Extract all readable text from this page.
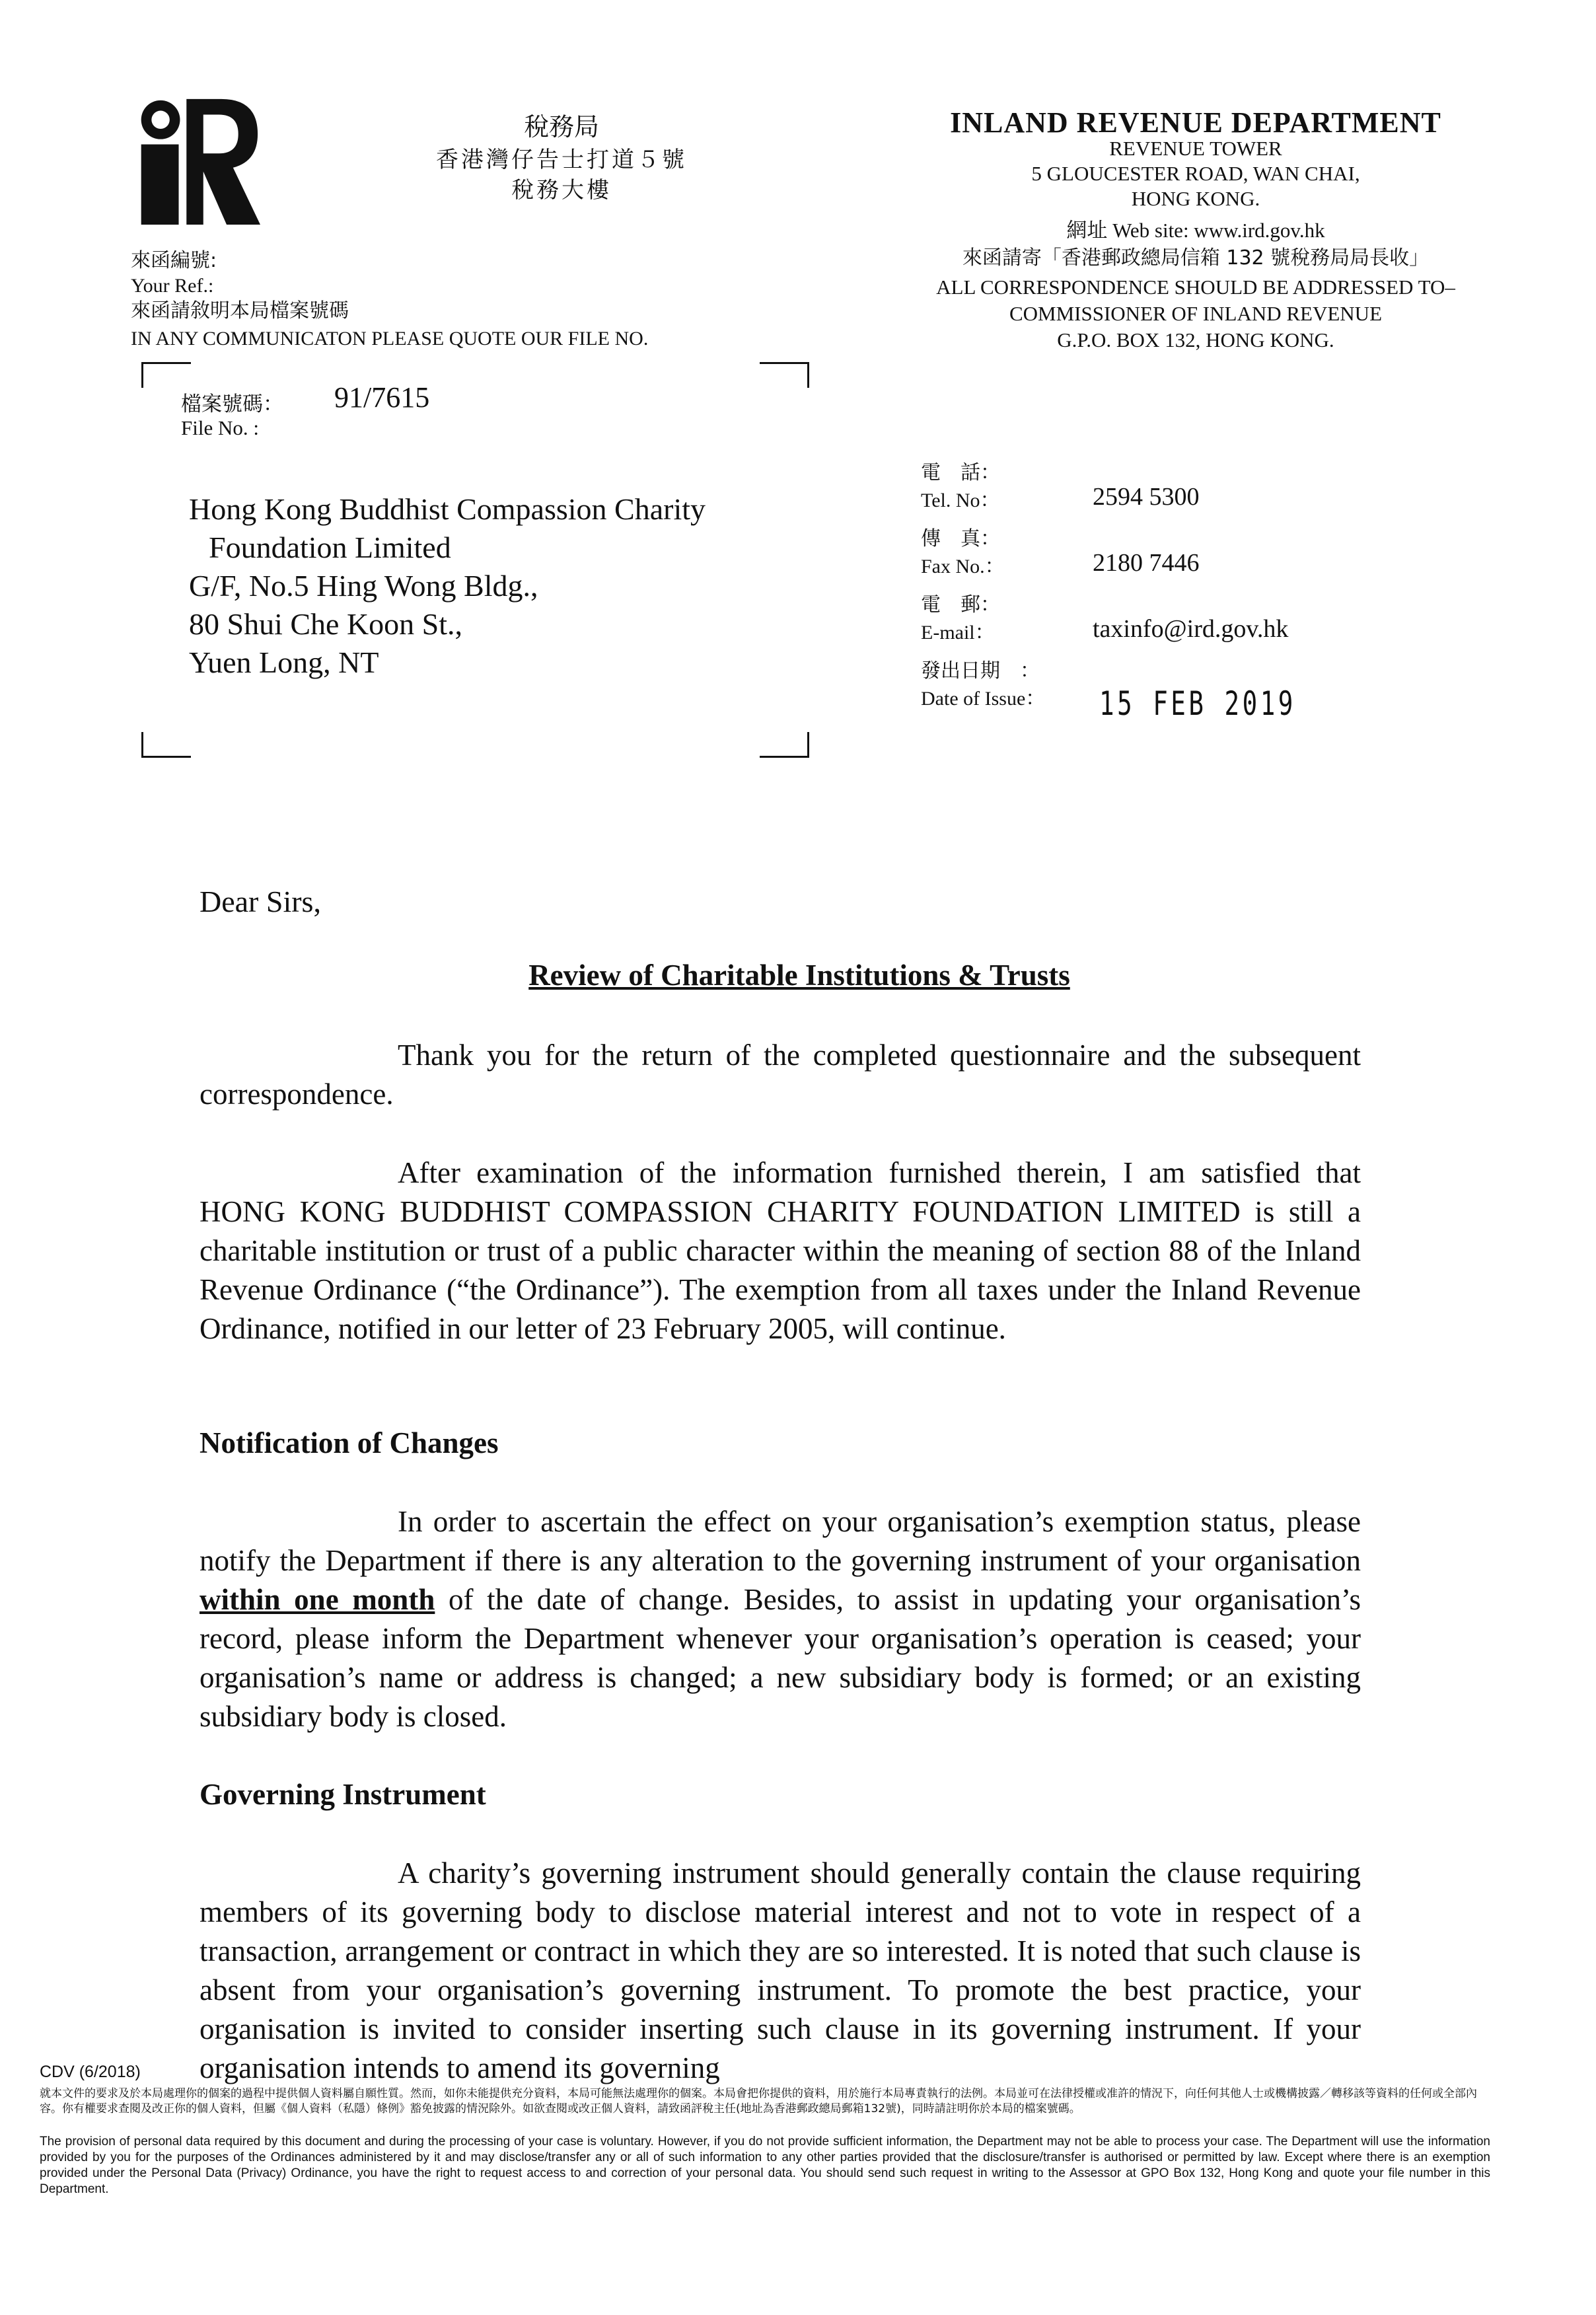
稅務局
香港灣仔告士打道５號
稅務大樓
INLAND REVENUE DEPARTMENT
REVENUE TOWER
5 GLOUCESTER ROAD, WAN CHAI,
HONG KONG.
網址 Web site: www.ird.gov.hk
來函請寄「香港郵政總局信箱 132 號稅務局局長收」
ALL CORRESPONDENCE SHOULD BE ADDRESSED TO–
COMMISSIONER OF INLAND REVENUE
G.P.O. BOX 132, HONG KONG.
來函編號:
Your Ref.:
來函請敘明本局檔案號碼
IN ANY COMMUNICATON PLEASE QUOTE OUR FILE NO.
檔案號碼： 91/7615
File No. :
Hong Kong Buddhist Compassion Charity
Foundation Limited
G/F, No.5 Hing Wong Bldg.,
80 Shui Che Koon St.,
Yuen Long, NT
電　話：
Tel. No：	2594 5300
傳　真：
Fax No.：	2180 7446
電　郵：
E-mail：	taxinfo@ird.gov.hk
發出日期　：
Date of Issue： 15 FEB 2019
Dear Sirs,
Review of Charitable Institutions & Trusts
Thank you for the return of the completed questionnaire and the subsequent correspondence.
After examination of the information furnished therein, I am satisfied that HONG KONG BUDDHIST COMPASSION CHARITY FOUNDATION LIMITED is still a charitable institution or trust of a public character within the meaning of section 88 of the Inland Revenue Ordinance (“the Ordinance”). The exemption from all taxes under the Inland Revenue Ordinance, notified in our letter of 23 February 2005, will continue.
Notification of Changes
In order to ascertain the effect on your organisation’s exemption status, please notify the Department if there is any alteration to the governing instrument of your organisation within one month of the date of change. Besides, to assist in updating your organisation’s record, please inform the Department whenever your organisation’s operation is ceased; your organisation’s name or address is changed; a new subsidiary body is formed; or an existing subsidiary body is closed.
Governing Instrument
A charity’s governing instrument should generally contain the clause requiring members of its governing body to disclose material interest and not to vote in respect of a transaction, arrangement or contract in which they are so interested. It is noted that such clause is absent from your organisation’s governing instrument. To promote the best practice, your organisation is invited to consider inserting such clause in its governing instrument. If your organisation intends to amend its governing
CDV (6/2018)
就本文件的要求及於本局處理你的個案的過程中提供個人資料屬自願性質。然而，如你未能提供充分資料，本局可能無法處理你的個案。本局會把你提供的資料，用於施行本局專責執行的法例。本局並可在法律授權或准許的情況下，向任何其他人士或機構披露／轉移該等資料的任何或全部內容。你有權要求查閱及改正你的個人資料，但屬《個人資料（私隱）條例》豁免披露的情況除外。如欲查閱或改正個人資料，請致函評稅主任(地址為香港郵政總局郵箱132號)，同時請註明你於本局的檔案號碼。
The provision of personal data required by this document and during the processing of your case is voluntary. However, if you do not provide sufficient information, the Department may not be able to process your case. The Department will use the information provided by you for the purposes of the Ordinances administered by it and may disclose/transfer any or all of such information to any other parties provided that the disclosure/transfer is authorised or permitted by law. Except where there is an exemption provided under the Personal Data (Privacy) Ordinance, you have the right to request access to and correction of your personal data. You should send such request in writing to the Assessor at GPO Box 132, Hong Kong and quote your file number in this Department.
